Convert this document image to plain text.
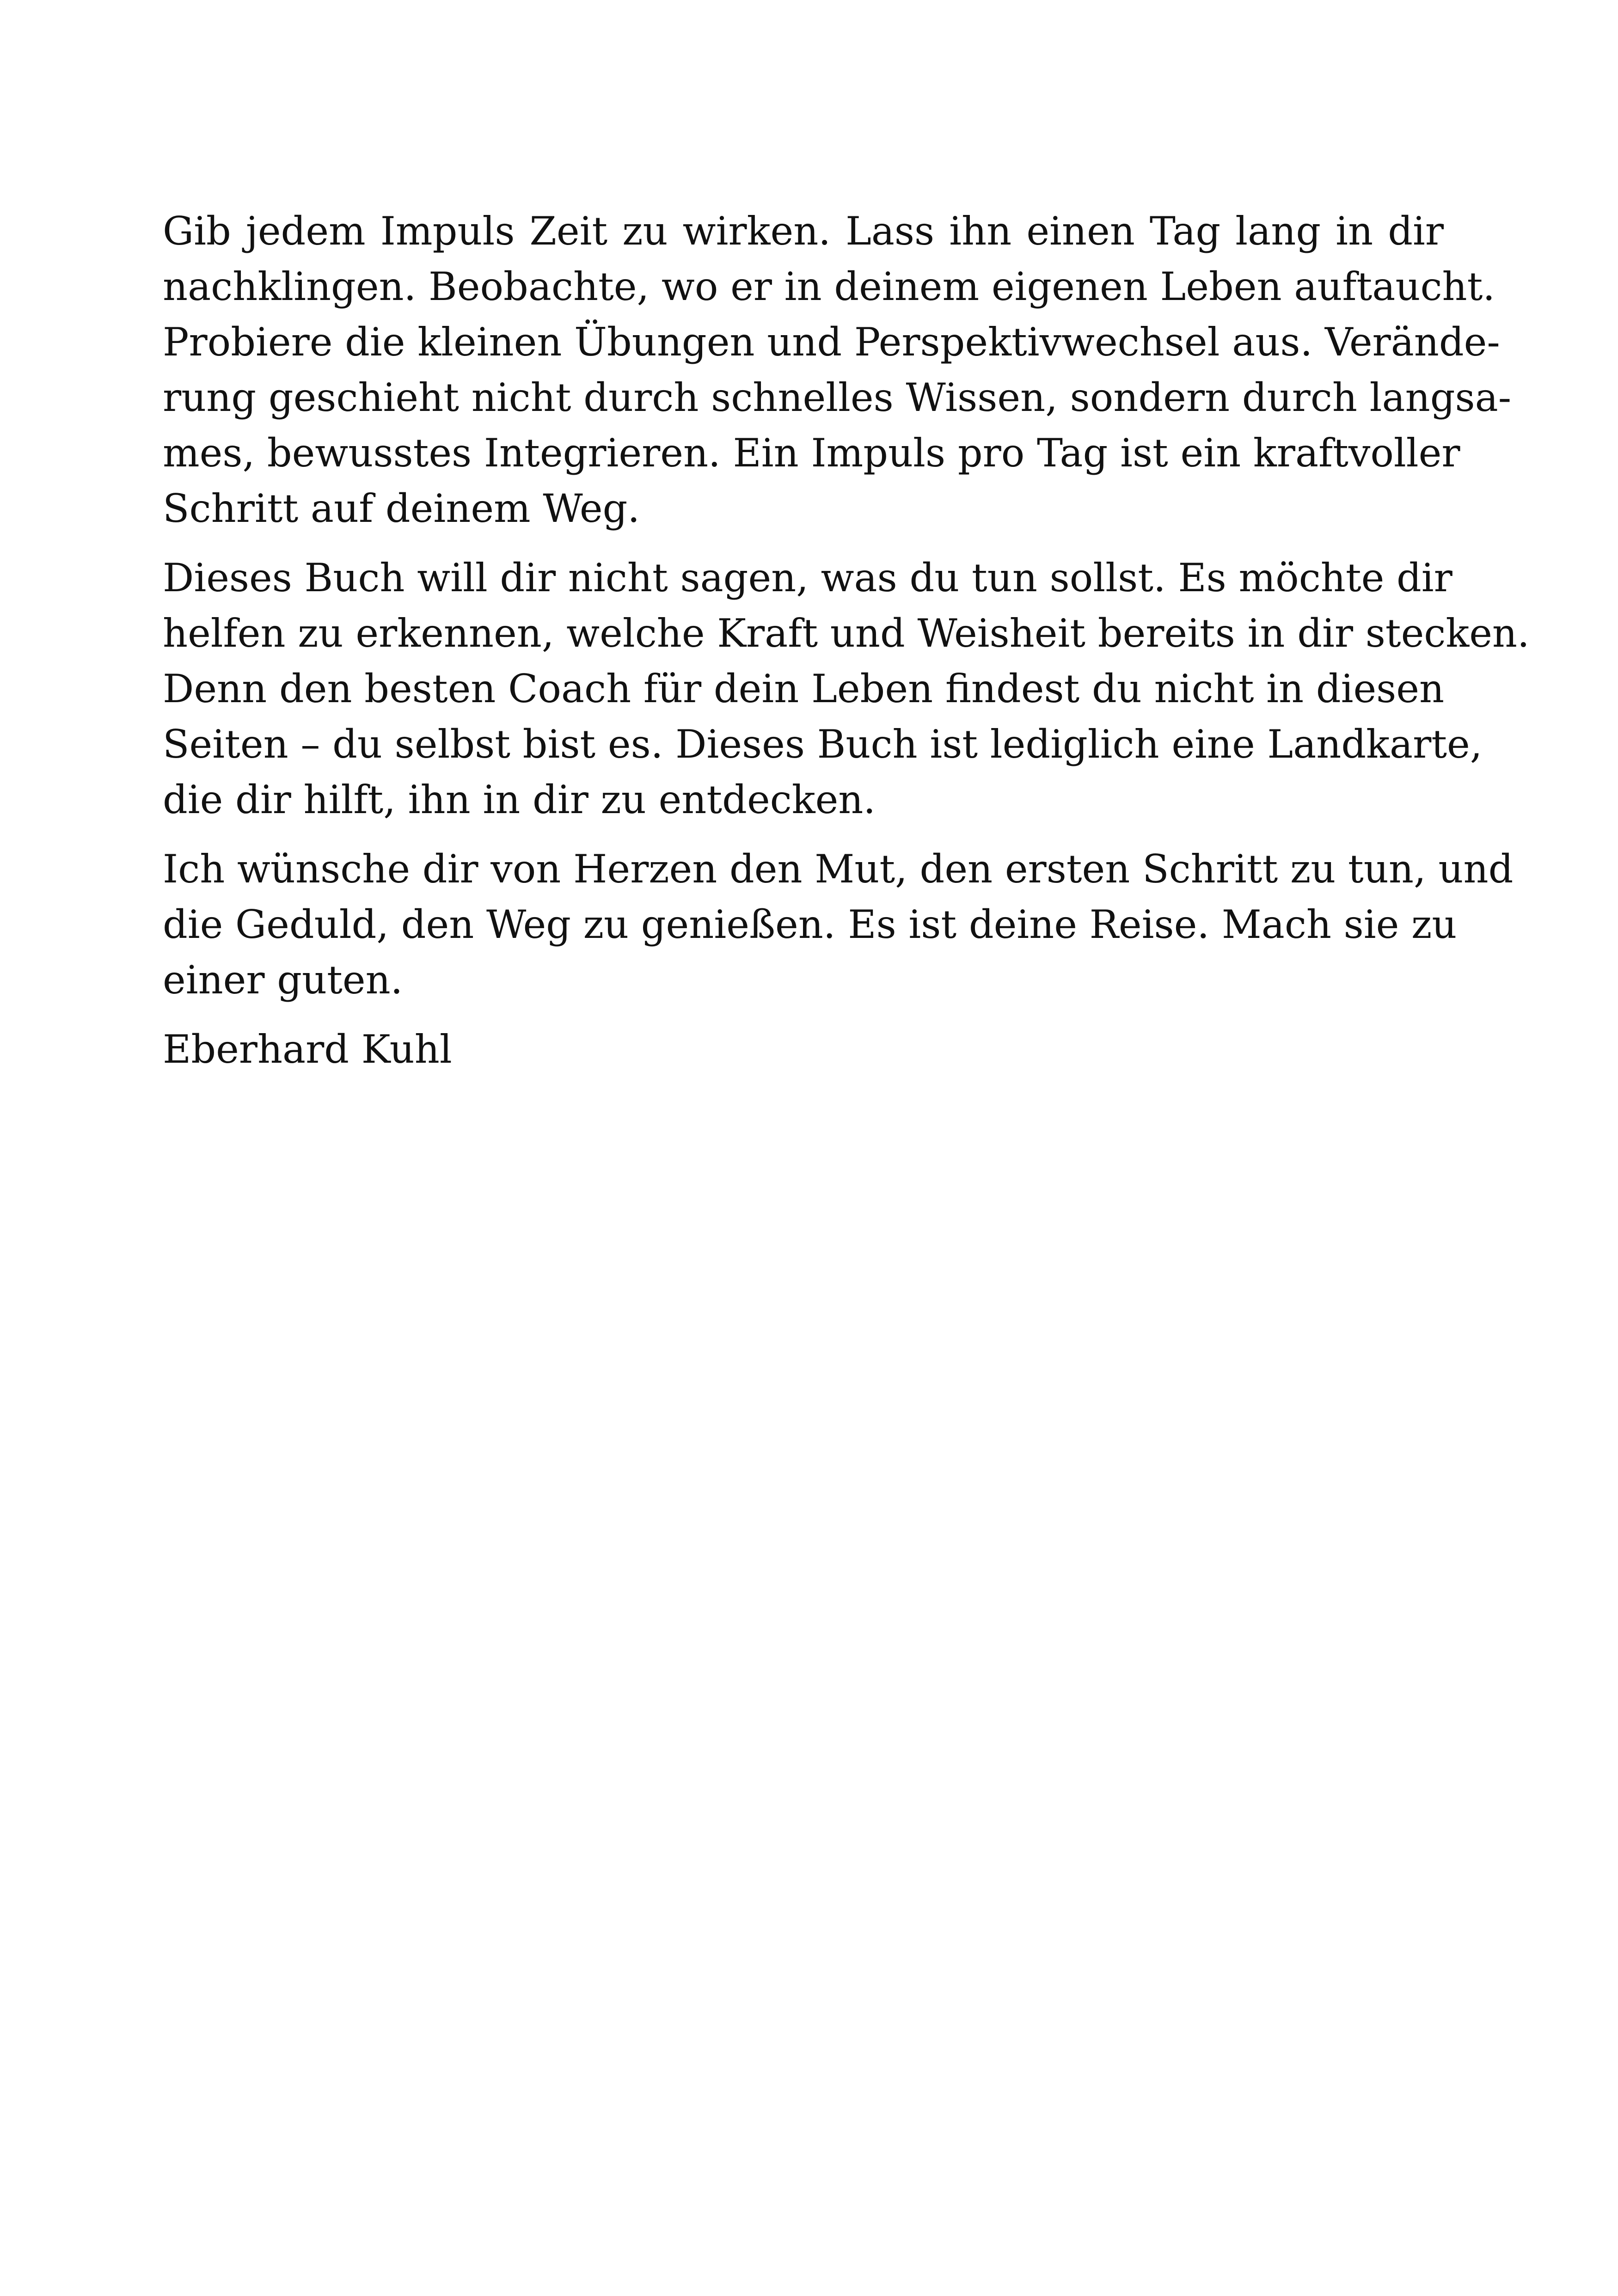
Gib jedem Impuls Zeit zu wirken. Lass ihn einen Tag lang in dir
nachklingen. Beobachte, wo er in deinem eigenen Leben auftaucht.
Probiere die kleinen Übungen und Perspektivwechsel aus. Verände-
rung geschieht nicht durch schnelles Wissen, sondern durch langsa-
mes, bewusstes Integrieren. Ein Impuls pro Tag ist ein kraftvoller
Schritt auf deinem Weg.
Dieses Buch will dir nicht sagen, was du tun sollst. Es möchte dir
helfen zu erkennen, welche Kraft und Weisheit bereits in dir stecken.
Denn den besten Coach für dein Leben findest du nicht in diesen
Seiten – du selbst bist es. Dieses Buch ist lediglich eine Landkarte,
die dir hilft, ihn in dir zu entdecken.
Ich wünsche dir von Herzen den Mut, den ersten Schritt zu tun, und
die Geduld, den Weg zu genießen. Es ist deine Reise. Mach sie zu
einer guten.
Eberhard Kuhl
